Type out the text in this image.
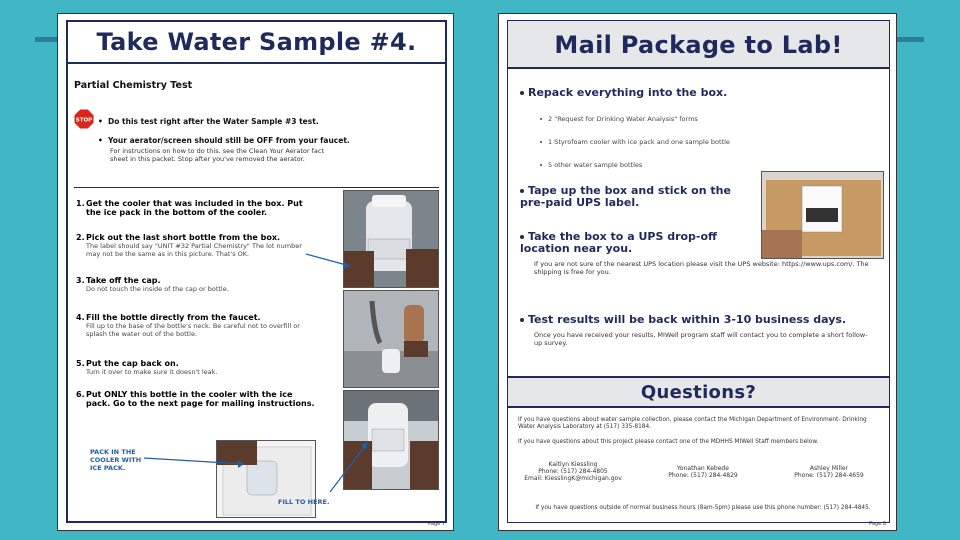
Take Water Sample #4.
Partial Chemistry Test
STOP •  Do this test right after the Water Sample #3 test.
•  Your aerator/screen should still be OFF from your faucet.
For instructions on how to do this, see the Clean Your Aerator fact sheet in this packet. Stop after you've removed the aerator.
1. Get the cooler that was included in the box. Put the ice pack in the bottom of the cooler.
2. Pick out the last short bottle from the box.
The label should say "UNIT #32 Partial Chemistry" The lot number may not be the same as in this picture. That's OK.
3. Take off the cap.
Do not touch the inside of the cap or bottle.
4. Fill the bottle directly from the faucet.
Fill up to the base of the bottle's neck. Be careful not to overfill or splash the water out of the bottle.
5. Put the cap back on.
Turn it over to make sure it doesn't leak.
6. Put ONLY this bottle in the cooler with the ice pack. Go to the next page for mailing instructions.
PACK IN THE COOLER WITH ICE PACK.
FILL TO HERE.
Page 7
Mail Package to Lab!
Repack everything into the box.
2 "Request for Drinking Water Analysis" forms
1 Styrofoam cooler with ice pack and one sample bottle
5 other water sample bottles
Tape up the box and stick on the pre-paid UPS label.
Take the box to a UPS drop-off location near you.
If you are not sure of the nearest UPS location please visit the UPS website: https://www.ups.com/. The shipping is free for you.
Test results will be back within 3-10 business days.
Once you have received your results, MIWell program staff will contact you to complete a short follow-up survey.
Questions?
If you have questions about water sample collection, please contact the Michigan Department of Environment- Drinking Water Analysis Laboratory at (517) 335-8184.
If you have questions about this project please contact one of the MDHHS MIWell Staff members below.
Kaitlyn Kiessling
Phone: (517) 284-4805
Email: KiesslingK@michigan.gov
Yonathan Kebede
Phone: (517) 284-4829
Ashley Miller
Phone: (517) 284-4659
If you have questions outside of normal business hours (8am-5pm) please use this phone number: (517) 284-4845.
Page 8
